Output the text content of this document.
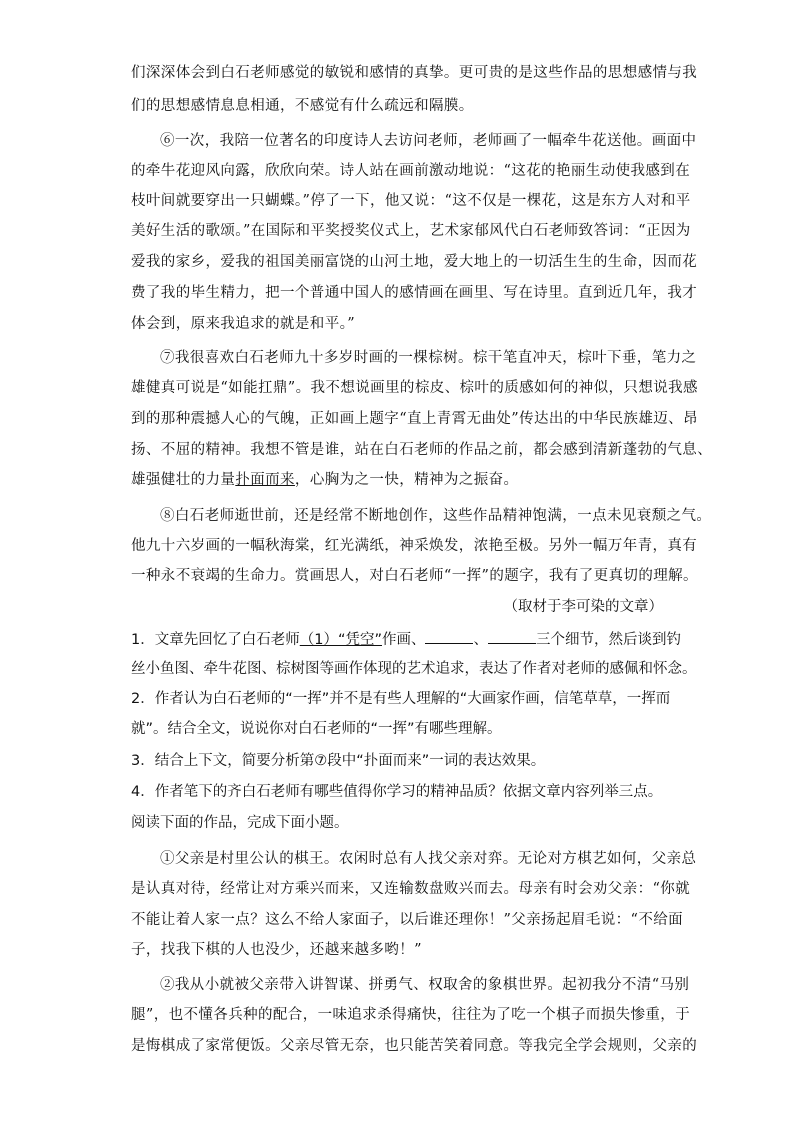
们深深体会到白石老师感觉的敏锐和感情的真挚。更可贵的是这些作品的思想感情与我
们的思想感情息息相通，不感觉有什么疏远和隔膜。
⑥一次，我陪一位著名的印度诗人去访问老师，老师画了一幅牵牛花送他。画面中
的牵牛花迎风向露，欣欣向荣。诗人站在画前激动地说：“这花的艳丽生动使我感到在
枝叶间就要穿出一只蝴蝶。”停了一下，他又说：“这不仅是一棵花，这是东方人对和平
美好生活的歌颂。”在国际和平奖授奖仪式上，艺术家郁风代白石老师致答词：“正因为
爱我的家乡，爱我的祖国美丽富饶的山河土地，爱大地上的一切活生生的生命，因而花
费了我的毕生精力，把一个普通中国人的感情画在画里、写在诗里。直到近几年，我才
体会到，原来我追求的就是和平。”
⑦我很喜欢白石老师九十多岁时画的一棵棕树。棕干笔直冲天，棕叶下垂，笔力之
雄健真可说是“如能扛鼎”。我不想说画里的棕皮、棕叶的质感如何的神似，只想说我感
到的那种震撼人心的气魄，正如画上题字“直上青霄无曲处”传达出的中华民族雄迈、昂
扬、不屈的精神。我想不管是谁，站在白石老师的作品之前，都会感到清新蓬勃的气息、
雄强健壮的力量扑面而来，心胸为之一快，精神为之振奋。
⑧白石老师逝世前，还是经常不断地创作，这些作品精神饱满，一点未见衰颓之气。
他九十六岁画的一幅秋海棠，红光满纸，神采焕发，浓艳至极。另外一幅万年青，真有
一种永不衰竭的生命力。赏画思人，对白石老师“一挥”的题字，我有了更真切的理解。
（取材于李可染的文章）
1．文章先回忆了白石老师（1）“凭空”作画、	、	三个细节，然后谈到钓
丝小鱼图、牵牛花图、棕树图等画作体现的艺术追求，表达了作者对老师的感佩和怀念。
2．作者认为白石老师的“一挥”并不是有些人理解的“大画家作画，信笔草草，一挥而
就”。结合全文，说说你对白石老师的“一挥”有哪些理解。
3．结合上下文，简要分析第⑦段中“扑面而来”一词的表达效果。
4．作者笔下的齐白石老师有哪些值得你学习的精神品质？依据文章内容列举三点。
阅读下面的作品，完成下面小题。
①父亲是村里公认的棋王。农闲时总有人找父亲对弈。无论对方棋艺如何，父亲总
是认真对待，经常让对方乘兴而来，又连输数盘败兴而去。母亲有时会劝父亲：“你就
不能让着人家一点？这么不给人家面子，以后谁还理你！”父亲扬起眉毛说：“不给面
子，找我下棋的人也没少，还越来越多哟！”
②我从小就被父亲带入讲智谋、拼勇气、权取舍的象棋世界。起初我分不清“马别
腿”，也不懂各兵种的配合，一味追求杀得痛快，往往为了吃一个棋子而损失惨重，于
是悔棋成了家常便饭。父亲尽管无奈，也只能苦笑着同意。等我完全学会规则，父亲的
